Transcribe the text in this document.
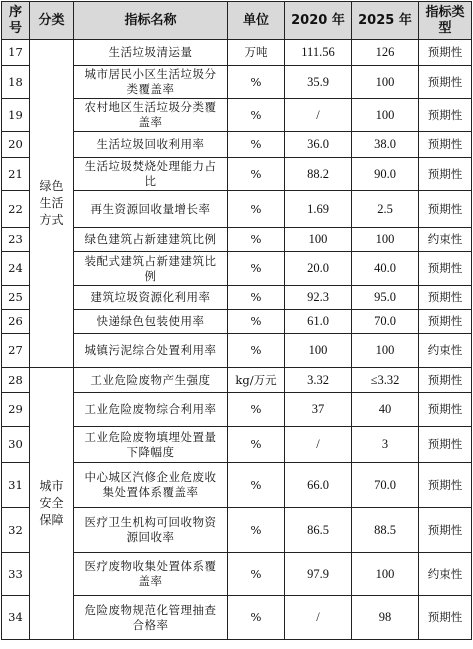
序号	分类	指标名称	单位	2020 年	2025 年	指标类型
17	绿色生活方式	生活垃圾清运量	万吨	111.56	126	预期性
18		城市居民小区生活垃圾分类覆盖率	%	35.9	100	预期性
19		农村地区生活垃圾分类覆盖率	%	/	100	预期性
20		生活垃圾回收利用率	%	36.0	38.0	预期性
21		生活垃圾焚烧处理能力占比	%	88.2	90.0	预期性
22		再生资源回收量增长率	%	1.69	2.5	预期性
23		绿色建筑占新建建筑比例	%	100	100	约束性
24		装配式建筑占新建建筑比例	%	20.0	40.0	预期性
25		建筑垃圾资源化利用率	%	92.3	95.0	预期性
26		快递绿色包装使用率	%	61.0	70.0	预期性
27		城镇污泥综合处置利用率	%	100	100	约束性
28	城市安全保障	工业危险废物产生强度	kg/万元	3.32	≤3.32	预期性
29		工业危险废物综合利用率	%	37	40	预期性
30		工业危险废物填埋处置量下降幅度	%	/	3	预期性
31		中心城区汽修企业危废收集处置体系覆盖率	%	66.0	70.0	预期性
32		医疗卫生机构可回收物资源回收率	%	86.5	88.5	预期性
33		医疗废物收集处置体系覆盖率	%	97.9	100	约束性
34		危险废物规范化管理抽查合格率	%	/	98	预期性
